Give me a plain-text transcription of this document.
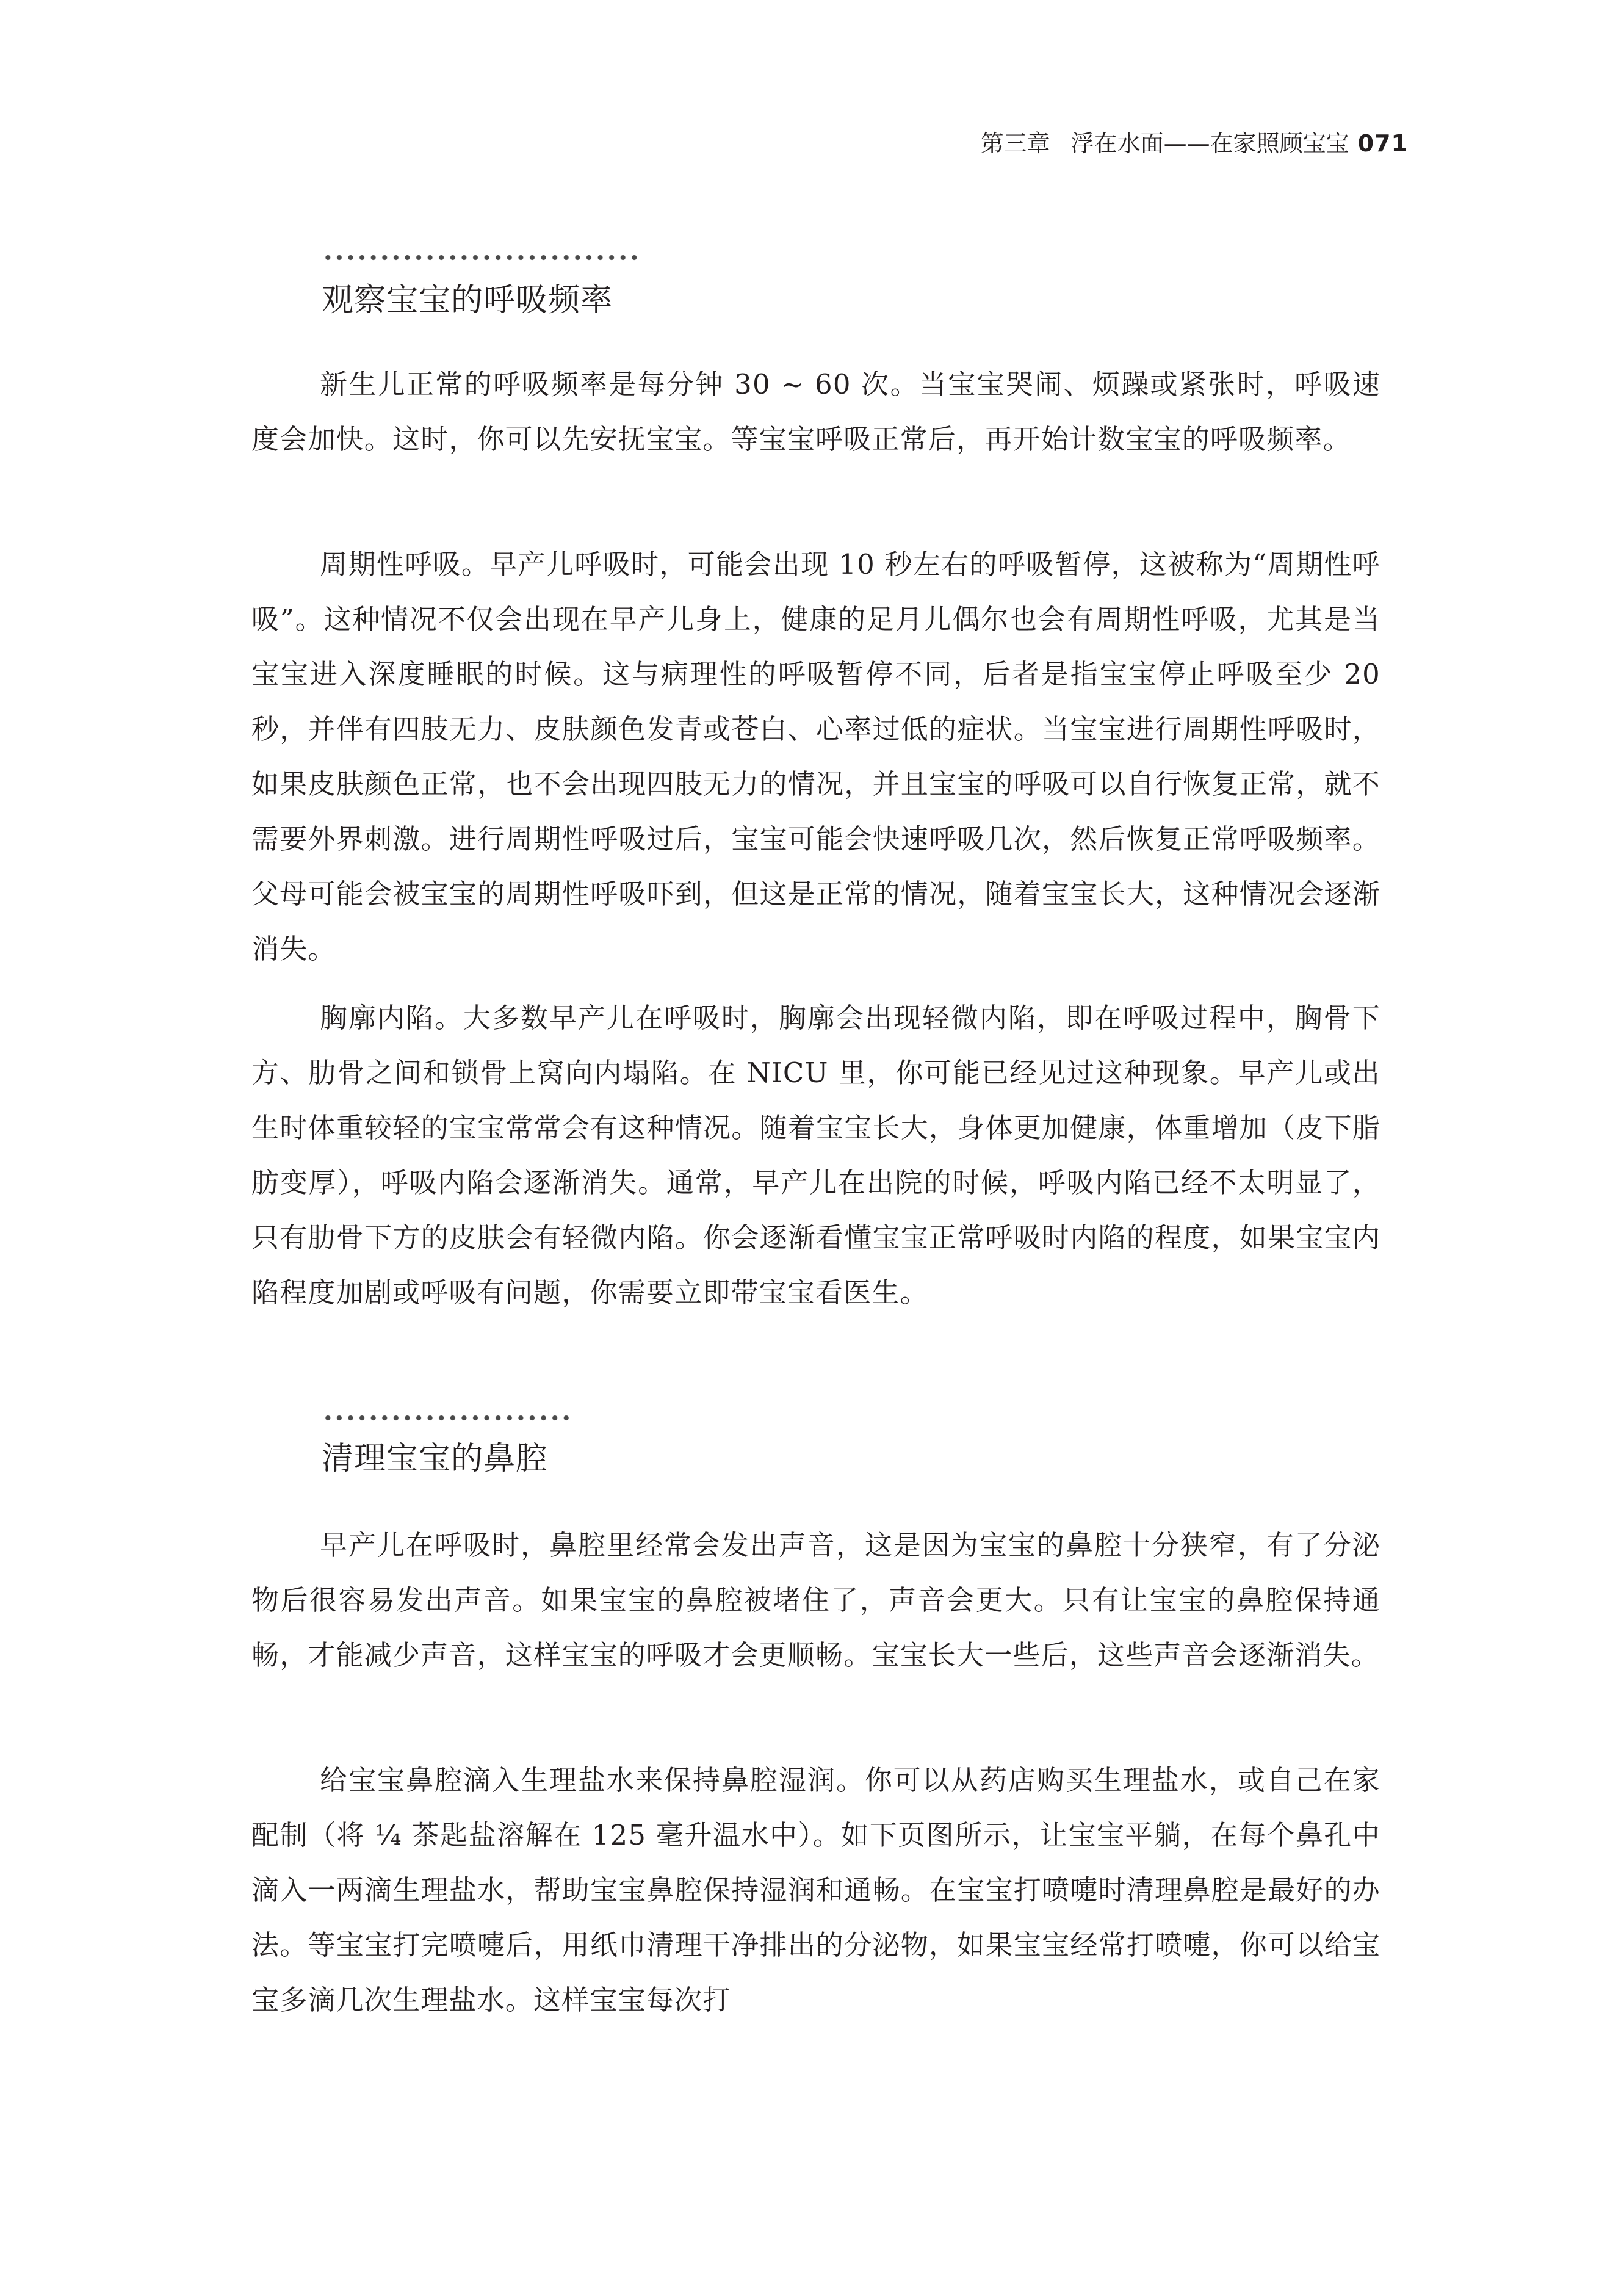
第三章 浮在水面——在家照顾宝宝 071
观察宝宝的呼吸频率

新生儿正常的呼吸频率是每分钟 30 ~ 60 次。当宝宝哭闹、烦躁或紧张时，呼吸速度会加快。这时，你可以先安抚宝宝。等宝宝呼吸正常后，再开始计数宝宝的呼吸频率。

周期性呼吸。早产儿呼吸时，可能会出现 10 秒左右的呼吸暂停，这被称为“周期性呼吸”。这种情况不仅会出现在早产儿身上，健康的足月儿偶尔也会有周期性呼吸，尤其是当宝宝进入深度睡眠的时候。这与病理性的呼吸暂停不同，后者是指宝宝停止呼吸至少 20 秒，并伴有四肢无力、皮肤颜色发青或苍白、心率过低的症状。当宝宝进行周期性呼吸时，如果皮肤颜色正常，也不会出现四肢无力的情况，并且宝宝的呼吸可以自行恢复正常，就不需要外界刺激。进行周期性呼吸过后，宝宝可能会快速呼吸几次，然后恢复正常呼吸频率。父母可能会被宝宝的周期性呼吸吓到，但这是正常的情况，随着宝宝长大，这种情况会逐渐消失。

胸廓内陷。大多数早产儿在呼吸时，胸廓会出现轻微内陷，即在呼吸过程中，胸骨下方、肋骨之间和锁骨上窝向内塌陷。在 NICU 里，你可能已经见过这种现象。早产儿或出生时体重较轻的宝宝常常会有这种情况。随着宝宝长大，身体更加健康，体重增加（皮下脂肪变厚），呼吸内陷会逐渐消失。通常，早产儿在出院的时候，呼吸内陷已经不太明显了，只有肋骨下方的皮肤会有轻微内陷。你会逐渐看懂宝宝正常呼吸时内陷的程度，如果宝宝内陷程度加剧或呼吸有问题，你需要立即带宝宝看医生。

清理宝宝的鼻腔

早产儿在呼吸时，鼻腔里经常会发出声音，这是因为宝宝的鼻腔十分狭窄，有了分泌物后很容易发出声音。如果宝宝的鼻腔被堵住了，声音会更大。只有让宝宝的鼻腔保持通畅，才能减少声音，这样宝宝的呼吸才会更顺畅。宝宝长大一些后，这些声音会逐渐消失。

给宝宝鼻腔滴入生理盐水来保持鼻腔湿润。你可以从药店购买生理盐水，或自己在家配制（将 ¼ 茶匙盐溶解在 125 毫升温水中）。如下页图所示，让宝宝平躺，在每个鼻孔中滴入一两滴生理盐水，帮助宝宝鼻腔保持湿润和通畅。在宝宝打喷嚏时清理鼻腔是最好的办法。等宝宝打完喷嚏后，用纸巾清理干净排出的分泌物，如果宝宝经常打喷嚏，你可以给宝宝多滴几次生理盐水。这样宝宝每次打
